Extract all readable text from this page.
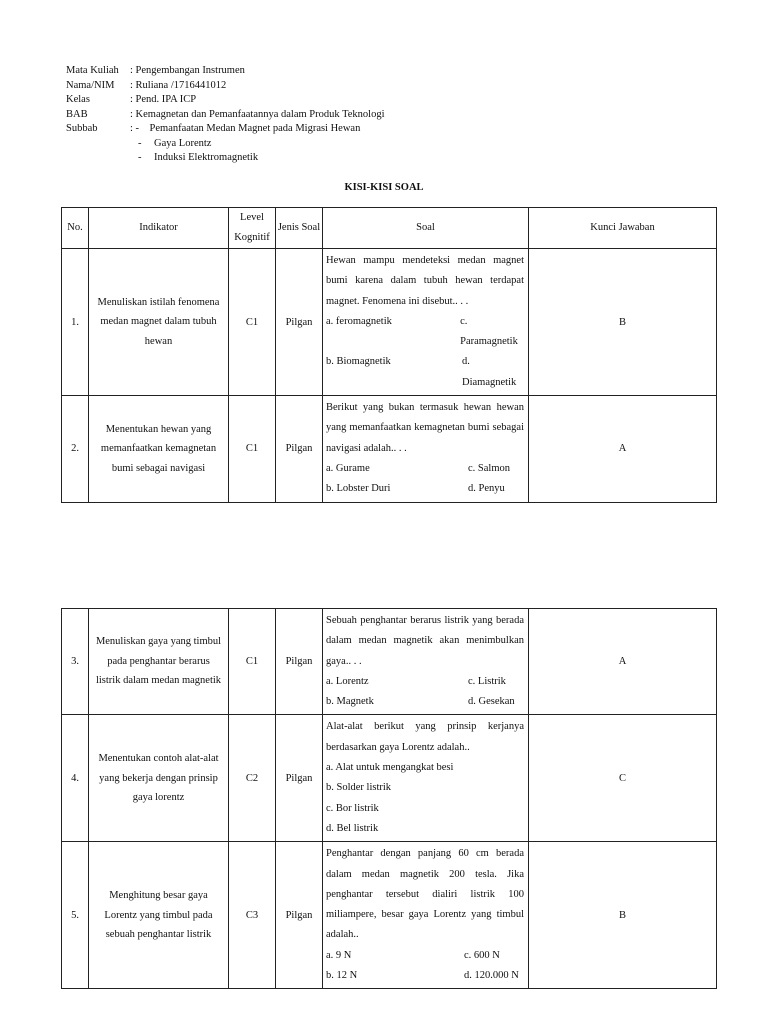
Mata Kuliah	: Pengembangan Instrumen
Nama/NIM	: Ruliana /1716441012
Kelas	: Pend. IPA ICP
BAB	: Kemagnetan dan Pemanfaatannya dalam Produk Teknologi
Subbab	: -    Pemanfaatan Medan Magnet pada Migrasi Hewan
-	Gaya Lorentz
-	Induksi Elektromagnetik
KISI-KISI SOAL
No.	Indikator	Level Kognitif	Jenis Soal	Soal	Kunci Jawaban
1.	Menuliskan istilah fenomena medan magnet dalam tubuh hewan	C1	Pilgan	Hewan mampu mendeteksi medan magnet bumi karena dalam tubuh hewan terdapat magnet. Fenomena ini disebut.. . .
a. feromagnetik c. Paramagnetik
b. Biomagnetik d. Diamagnetik	B
2.	Menentukan hewan yang memanfaatkan kemagnetan bumi sebagai navigasi	C1	Pilgan	Berikut yang bukan termasuk hewan hewan yang memanfaatkan kemagnetan bumi sebagai navigasi adalah.. . .
a. Gurame c. Salmon
b. Lobster Duri d. Penyu	A
3.	Menuliskan gaya yang timbul pada penghantar berarus listrik dalam medan magnetik	C1	Pilgan	Sebuah penghantar berarus listrik yang berada dalam medan magnetik akan menimbulkan gaya.. . .
a. Lorentz c. Listrik
b. Magnetk d. Gesekan	A
4.	Menentukan contoh alat-alat yang bekerja dengan prinsip gaya lorentz	C2	Pilgan	Alat-alat berikut yang prinsip kerjanya berdasarkan gaya Lorentz adalah..
a. Alat untuk mengangkat besi
b. Solder listrik
c. Bor listrik
d. Bel listrik	C
5.	Menghitung besar gaya Lorentz yang timbul pada sebuah penghantar listrik	C3	Pilgan	Penghantar dengan panjang 60 cm berada dalam medan magnetik 200 tesla. Jika penghantar tersebut dialiri listrik 100 miliampere, besar gaya Lorentz yang timbul adalah..
a. 9 N c. 600 N
b. 12 N d. 120.000 N	B
